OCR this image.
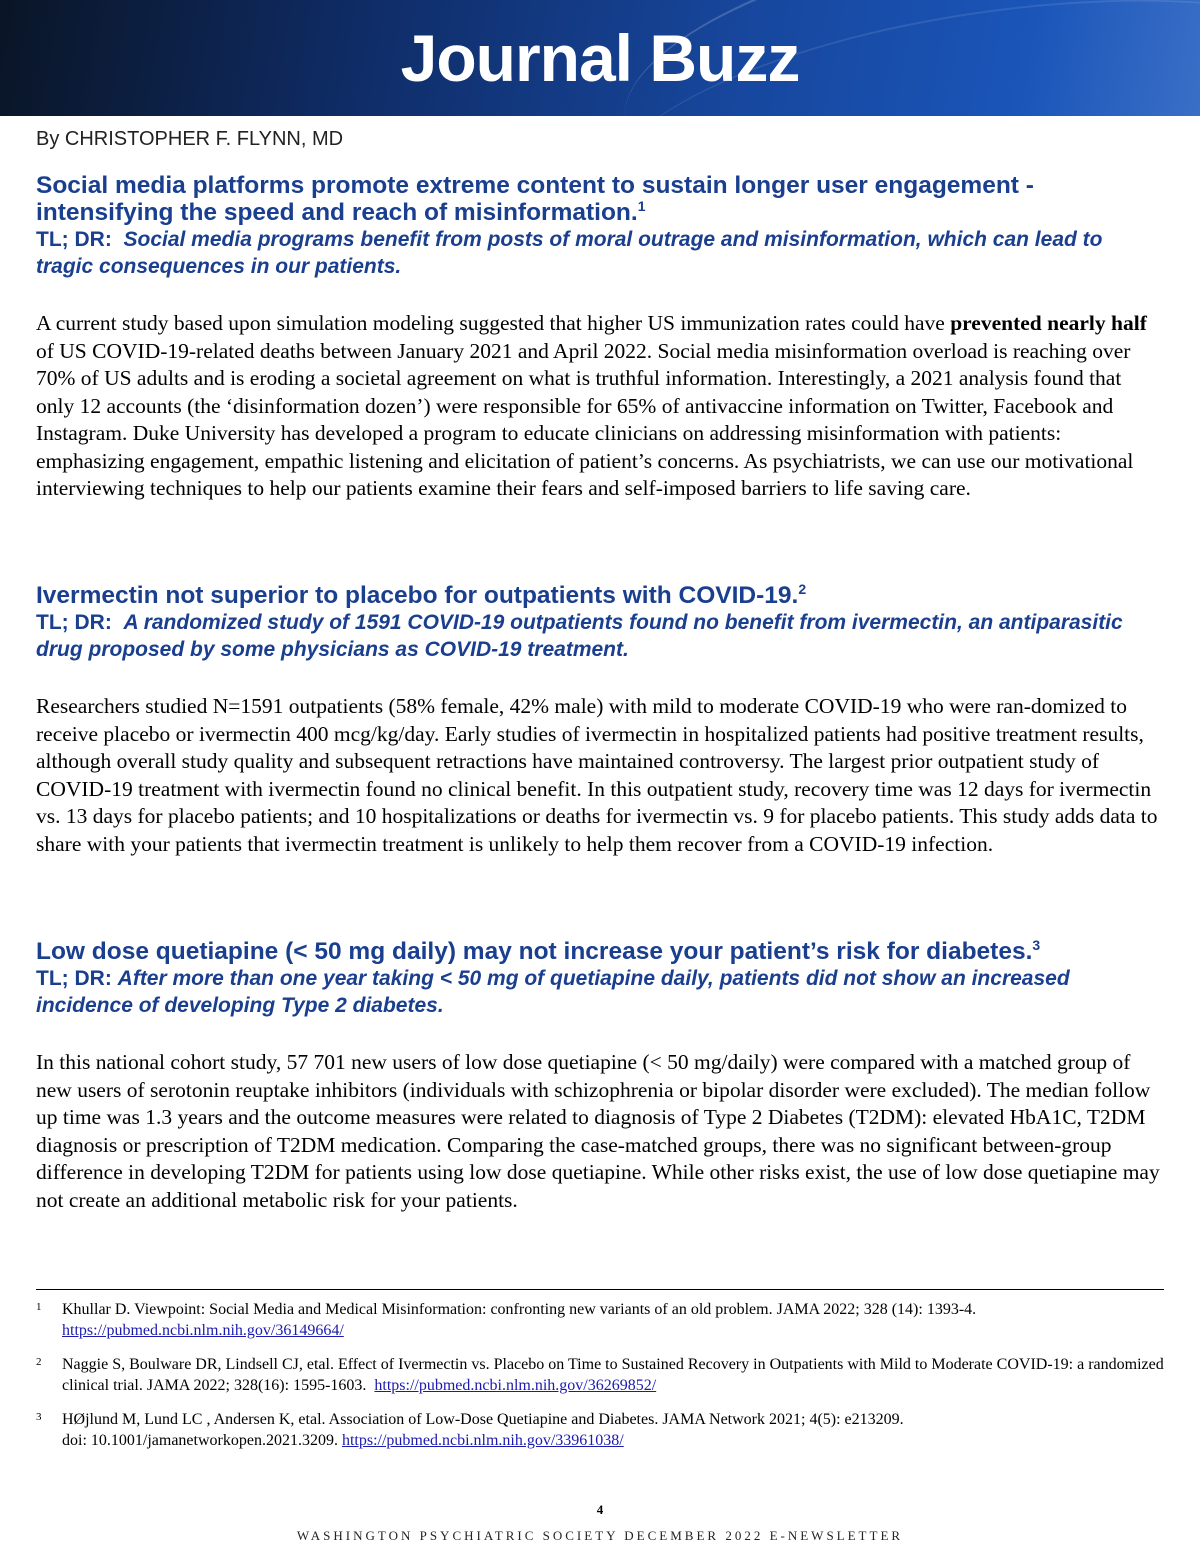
Journal Buzz
By CHRISTOPHER F. FLYNN, MD

Social media platforms promote extreme content to sustain longer user engagement - intensifying the speed and reach of misinformation.$^1$

TL; DR: Social media programs benefit from posts of moral outrage and misinformation, which can lead to tragic consequences in our patients.

A current study based upon simulation modeling suggested that higher US immunization rates could have prevented nearly half of US COVID-19-related deaths between January 2021 and April 2022. Social media misinformation overload is reaching over 70% of US adults and is eroding a societal agreement on what is truthful information. Interestingly, a 2021 analysis found that only 12 accounts (the ‘disinformation dozen’) were responsible for 65% of antivaccine information on Twitter, Facebook and Instagram. Duke University has developed a program to educate clinicians on addressing misinformation with patients: emphasizing engagement, empathic listening and elicitation of patient’s concerns. As psychiatrists, we can use our motivational interviewing techniques to help our patients examine their fears and self-imposed barriers to life saving care.

Ivermectin not superior to placebo for outpatients with COVID-19.$^2$

TL; DR: A randomized study of 1591 COVID-19 outpatients found no benefit from ivermectin, an antiparasitic drug proposed by some physicians as COVID-19 treatment.

Researchers studied N=1591 outpatients (58% female, 42% male) with mild to moderate COVID-19 who were ran-domized to receive placebo or ivermectin 400 mcg/kg/day. Early studies of ivermectin in hospitalized patients had positive treatment results, although overall study quality and subsequent retractions have maintained controversy. The largest prior outpatient study of COVID-19 treatment with ivermectin found no clinical benefit. In this outpatient study, recovery time was 12 days for ivermectin vs. 13 days for placebo patients; and 10 hospitalizations or deaths for ivermectin vs. 9 for placebo patients. This study adds data to share with your patients that ivermectin treatment is unlikely to help them recover from a COVID-19 infection.

Low dose quetiapine (< 50 mg daily) may not increase your patient’s risk for diabetes.$^3$

TL; DR: After more than one year taking < 50 mg of quetiapine daily, patients did not show an increased incidence of developing Type 2 diabetes.

In this national cohort study, 57 701 new users of low dose quetiapine (< 50 mg/daily) were compared with a matched group of new users of serotonin reuptake inhibitors (individuals with schizophrenia or bipolar disorder were excluded). The median follow up time was 1.3 years and the outcome measures were related to diagnosis of Type 2 Diabetes (T2DM): elevated HbA1C, T2DM diagnosis or prescription of T2DM medication. Comparing the case-matched groups, there was no significant between-group difference in developing T2DM for patients using low dose quetiapine. While other risks exist, the use of low dose quetiapine may not create an additional metabolic risk for your patients.

1 Khullar D. Viewpoint: Social Media and Medical Misinformation: confronting new variants of an old problem. JAMA 2022; 328 (14): 1393-4.
https://pubmed.ncbi.nlm.nih.gov/36149664/
2 Naggie S, Boulware DR, Lindsell CJ, etal. Effect of Ivermectin vs. Placebo on Time to Sustained Recovery in Outpatients with Mild to Moderate COVID-19: a randomized clinical trial. JAMA 2022; 328(16): 1595-1603. https://pubmed.ncbi.nlm.nih.gov/36269852/
3 HØjlund M, Lund LC , Andersen K, etal. Association of Low-Dose Quetiapine and Diabetes. JAMA Network 2021; 4(5): e213209.
doi: 10.1001/jamanetworkopen.2021.3209. https://pubmed.ncbi.nlm.nih.gov/33961038/
4
WASHINGTON PSYCHIATRIC SOCIETY DECEMBER 2022 E-NEWSLETTER
